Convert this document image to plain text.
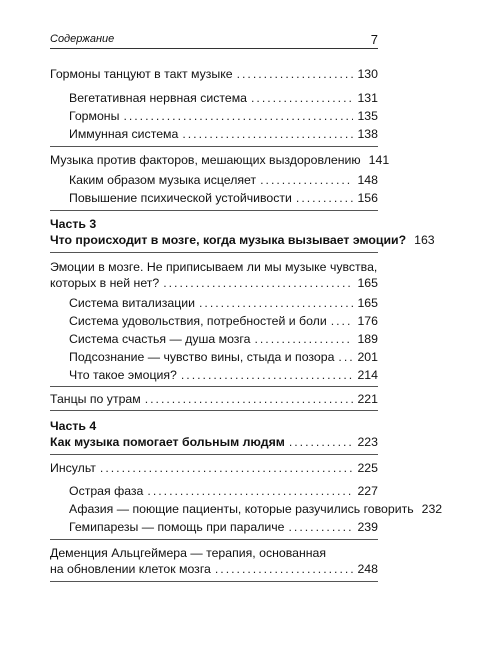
Содержание	7
Гормоны танцуют в такт музыке .....	130
Вегетативная нервная система .....	131
Гормоны .....	135
Иммунная система .....	138
Музыка против факторов, мешающих выздоровлению 141
Каким образом музыка исцеляет .....	148
Повышение психической устойчивости .....	156
Часть 3
Что происходит в мозге, когда музыка вызывает эмоции? 163
Эмоции в мозге. Не приписываем ли мы музыке чувства,
которых в ней нет? .....	165
Система витализации .....	165
Система удовольствия, потребностей и боли .....	176
Система счастья — душа мозга .....	189
Подсознание — чувство вины, стыда и позора ..... 201
Что такое эмоция? .....	214
Танцы по утрам .....	221
Часть 4
Как музыка помогает больным людям .....	223
Инсульт .....	225
Острая фаза .....	227
Афазия — поющие пациенты, которые разучились говорить 232
Гемипарезы — помощь при параличе .....	239
Деменция Альцгеймера — терапия, основанная
на обновлении клеток мозга .....	248
